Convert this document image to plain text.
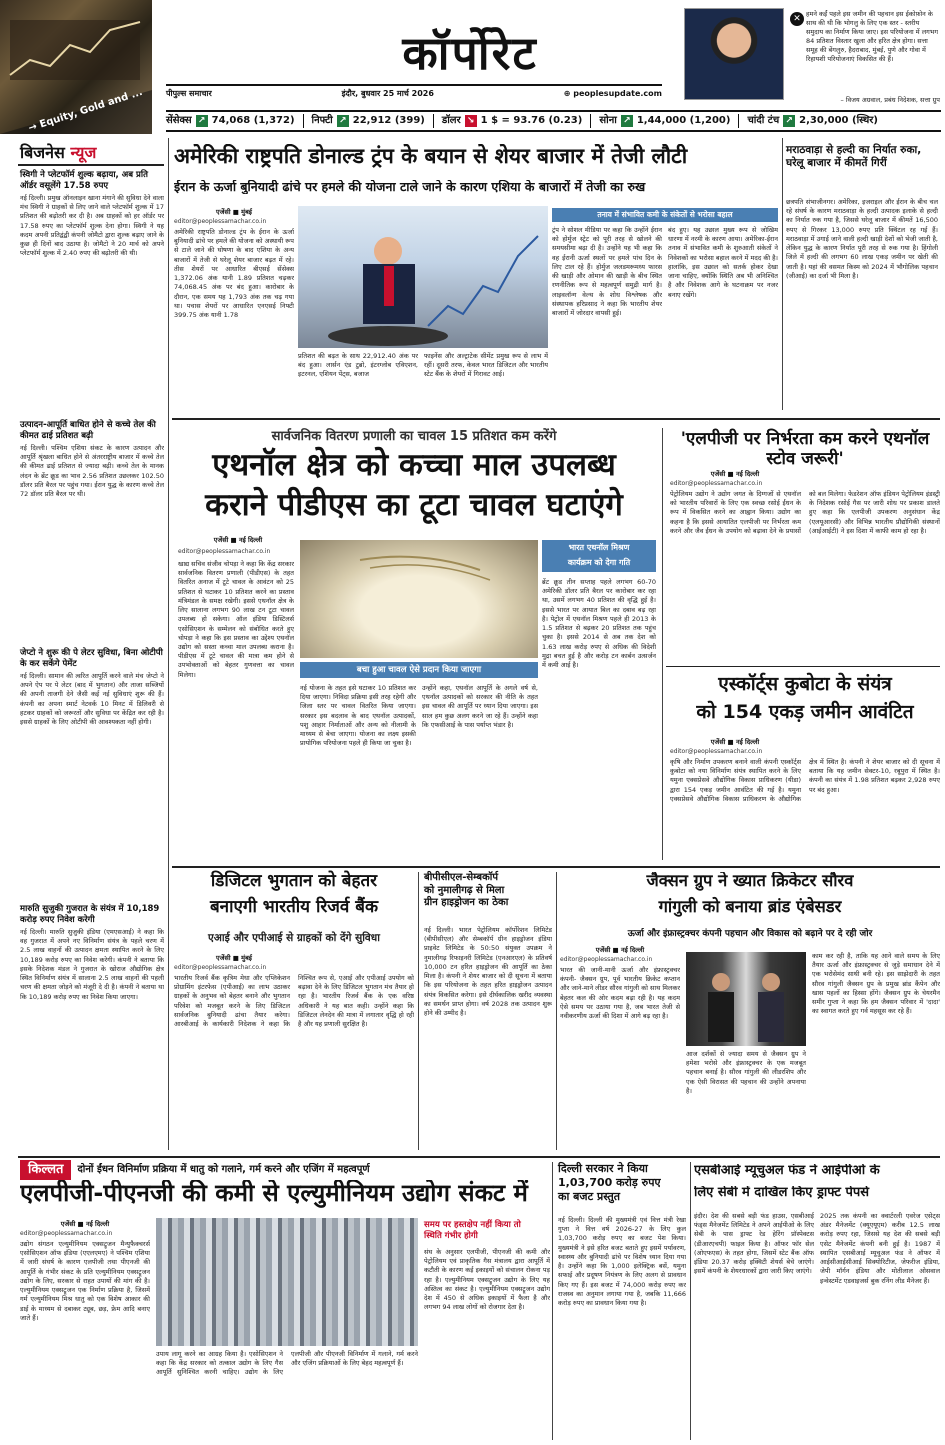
→ Equity, Gold and ...
कॉर्पोरेट
पीपुल्स समाचार	इंदौर, बुधवार 25 मार्च 2026	⊕ peoplesupdate.com
✕ हमने कर्ई पहले इस जमीन की पहचान इस ईकोफ़ोन के साथ की थी कि भोगलु के लिए एक स्तर - स्तरीय समुदाय का निर्माण किया जाए। इस परियोजना में लगभग 84 प्रतिशत विस्तार खुला और हरित क्षेत्र होगा। सत्ता समूह की बेंगलुरु, हैदराबाद, मुंबई, पुणे और गोवा में रिहायशी परियोजनाएं विकसित की हैं।
– विजय अग्रवाल, प्रबंध निदेशक, सत्ता ग्रुप
सेंसेक्स ↗ 74,068 (1,372) निफ्टी ↗ 22,912 (399) डॉलर ↘ 1 $ = 93.76 (0.23) सोना ↗ 1,44,000 (1,200) चांदी टंच ↗ 2,30,000 (स्थिर)
बिजनेस न्यूज
स्विगी ने प्लेटफॉर्म शुल्क बढ़ाया, अब प्रति ऑर्डर वसूलेंगे 17.58 रुपए
नई दिल्ली। प्रमुख ऑनलाइन खाना मंगाने की सुविधा देने वाला मंच स्विगी ने ग्राहकों से लिए जाने वाले प्लेटफॉर्म शुल्क में 17 प्रतिशत की बढ़ोतरी कर दी है। अब ग्राहकों को हर ऑर्डर पर 17.58 रुपए का प्लेटफॉर्म शुल्क देना होगा। स्विगी ने यह कदम अपनी प्रतिद्वंद्वी कंपनी जोमैटो द्वारा शुल्क बढ़ाए जाने के कुछ ही दिनों बाद उठाया है। जोमैटो ने 20 मार्च को अपने प्लेटफॉर्म शुल्क में 2.40 रुपए की बढ़ोतरी की थी।
उत्पादन-आपूर्ति बाधित होने से कच्चे तेल की कीमत ढाई प्रतिशत बढ़ी
नई दिल्ली। पश्चिम एशिया संकट के कारण उत्पादन और आपूर्ति श्रृंखला बाधित होने से अंतरराष्ट्रीय बाजार में कच्चे तेल की कीमत ढाई प्रतिशत से ज्यादा बढ़ी। कच्चे तेल के मानक लंदन के ब्रेंट क्रूड का भाव 2.56 प्रतिशत उछलकर 102.50 डॉलर प्रति बैरल पर पहुंच गया। ईरान युद्ध के कारण कच्चे तेल 72 डॉलर प्रति बैरल पर थी।
जेप्टो ने शुरू की पे लेटर सुविधा, बिना ओटीपी के कर सकेंगे पेमेंट
नई दिल्ली। सामान की त्वरित आपूर्ति करने वाले मंच जेप्टो ने अपने ऐप पर पे लेटर (बाद में भुगतान) और ताजा सब्जियों की अपनी ताजगी देने जैसी कई नई सुविधाएं शुरू की हैं। कंपनी का अपना स्मार्ट नेटवर्क 10 मिनट में डिलिवरी से हटकर ग्राहकों को जरूरतों और सुविधा पर केंद्रित कर रही है। इससे ग्राहकों के लिए ओटीपी की आवश्यकता नहीं होगी।
मारुति सुजुकी गुजरात के संयंत्र में 10,189 करोड़ रुपए निवेश करेगी
नई दिल्ली। मारुति सुजुकी इंडिया (एमएसआई) ने कहा कि वह गुजरात में अपने नए विनिर्माण संयंत्र के पहले चरण में 2.5 लाख वाहनों की उत्पादन क्षमता स्थापित करने के लिए 10,189 करोड़ रुपए का निवेश करेगी। कंपनी ने बताया कि इसके निदेशक मंडल ने गुजरात के खोराज औद्योगिक क्षेत्र स्थित विनिर्माण संयंत्र में सालाना 2.5 लाख वाहनों की पहली चरण की क्षमता जोड़ने को मंजूरी दे दी है। कंपनी ने बताया था कि 10,189 करोड़ रुपए का निवेश किया जाएगा।
अमेरिकी राष्ट्रपति डोनाल्ड ट्रंप के बयान से शेयर बाजार में तेजी लौटी
ईरान के ऊर्जा बुनियादी ढांचे पर हमले की योजना टाले जाने के कारण एशिया के बाजारों में तेजी का रुख
एजेंसी ■ मुंबई
editor@peoplessamachar.co.in
अमेरिकी राष्ट्रपति डोनाल्ड ट्रंप के ईरान के ऊर्जा बुनियादी ढांचे पर हमले की योजना को अस्थायी रूप से टाले जाने की घोषणा के बाद एशिया के अन्य बाजारों में तेजी से घरेलू शेयर बाजार बढ़त में रहे। तीस शेयरों पर आधारित बीएसई सेंसेक्स 1,372.06 अंक यानी 1.89 प्रतिशत चढ़कर 74,068.45 अंक पर बंद हुआ। कारोबार के दौरान, एक समय यह 1,793 अंक तक चढ़ गया था। पचास शेयरों पर आधारित एनएसई निफ्टी 399.75 अंक यानी 1.78
प्रतिशत की बढ़त के साथ 22,912.40 अंक पर बंद हुआ। लार्सन एंड टुब्रो, इंटरग्लोब एविएशन, इटरनल, एशियन पेंट्स, बजाज
फाइनेंस और अल्ट्राटेक सीमेंट प्रमुख रूप से लाभ में रहीं। दूसरी तरफ, केवल भारत डिजिटल और भारतीय स्टेट बैंक के शेयरों में गिरावट आई।
तनाव में संभावित कमी के संकेतों से भरोसा बहाल
ट्रंप ने सोशल मीडिया पर कहा कि उन्होंने ईरान को होर्मुज स्ट्रेट को पूरी तरह से खोलने की समयसीमा बढ़ा दी है। उन्होंने यह भी कहा कि वह ईरानी ऊर्जा स्थलों पर हमले पांच दिन के लिए टाल रहे हैं। होर्मुज जलडमरूमध्य फारस की खाड़ी और ओमान की खाड़ी के बीच स्थित रणनीतिक रूप से महत्वपूर्ण समुद्री मार्ग है। लाइवलॉन्ग वेल्थ के शोध विश्लेषक और संस्थापक हरिप्रसाद ने कहा कि भारतीय शेयर बाजारों में जोरदार वापसी हुई।
बंद हुए। यह उछाल मुख्य रूप से जोखिम धारणा में नरमी के कारण आया। अमेरिका-ईरान तनाव में संभावित कमी के शुरुआती संकेतों ने निवेशकों का भरोसा बहाल करने में मदद की है। हालांकि, इस उछाल को सतर्क होकर देखा जाना चाहिए, क्योंकि स्थिति अब भी अनिश्चित है और निवेशक आगे के घटनाक्रम पर नजर बनाए रखेंगे।
मराठवाड़ा से हल्दी का निर्यात रुका, घरेलू बाजार में कीमतें गिरीं
छत्रपति संभाजीनगर। अमेरिका, इजराइल और ईरान के बीच चल रहे संघर्ष के कारण मराठवाड़ा के हल्दी उत्पादक इलाके से हल्दी का निर्यात रुक गया है, जिससे घरेलू बाजार में कीमतें 16,500 रुपए से गिरकर 13,000 रुपए प्रति क्विंटल रह गई हैं। मराठवाड़ा में उगाई जाने वाली हल्दी खाड़ी देशों को भेजी जाती है, लेकिन युद्ध के कारण निर्यात पूरी तरह से रुक गया है। हिंगोली जिले में हल्दी की लगभग 60 लाख एकड़ जमीन पर खेती की जाती है। यहां की वसमत किस्म को 2024 में भौगोलिक पहचान (जीआई) का दर्जा भी मिला है।
सार्वजनिक वितरण प्रणाली का चावल 15 प्रतिशत कम करेंगे
एथनॉल क्षेत्र को कच्चा माल उपलब्ध
कराने पीडीएस का टूटा चावल घटाएंगे
एजेंसी ■ नई दिल्ली
editor@peoplessamachar.co.in
खाद्य सचिव संजीव चोपड़ा ने कहा कि केंद्र सरकार सार्वजनिक वितरण प्रणाली (पीडीएस) के तहत वितरित अनाज में टूटे चावल के आवंटन को 25 प्रतिशत से घटाकर 10 प्रतिशत करने का प्रस्ताव मंत्रिमंडल के समक्ष रखेगी। इससे एथनॉल क्षेत्र के लिए सालाना लगभग 90 लाख टन टूटा चावल उपलब्ध हो सकेगा। ऑल इंडिया डिस्टिलर्स एसोसिएशन के सम्मेलन को संबोधित करते हुए चोपड़ा ने कहा कि इस प्रस्ताव का उद्देश्य एथनॉल उद्योग को सस्ता कच्चा माल उपलब्ध कराना है। पीडीएस में टूटे चावल की मात्रा कम होने से उपभोक्ताओं को बेहतर गुणवत्ता का चावल मिलेगा।	बचा हुआ चावल ऐसे प्रदान किया जाएगा
नई योजना के तहत इसे घटाकर 10 प्रतिशत कर दिया जाएगा। निविदा प्रक्रिया इसी तरह रहेगी और जिला स्तर पर चावल वितरित किया जाएगा। सरकार इस बदलाव के बाद एथनॉल उत्पादकों, पशु आहार निर्माताओं और अन्य को नीलामी के माध्यम से बेचा जाएगा। योजना का लक्ष्य इसकी प्रायोगिक परियोजना पहले ही किया जा चुका है।
उन्होंने कहा, एथनॉल आपूर्ति के अगले वर्ष से, एथनॉल उत्पादकों को सरकार की नीति के तहत इस चावल की आपूर्ति पर ध्यान दिया जाएगा। इस साल हम कुछ अलग करने जा रहे हैं। उन्होंने कहा कि एफसीआई के पास पर्याप्त भंडार है।
भारत एथनॉल मिश्रण
कार्यक्रम को देगा गति
ब्रेंट क्रूड तीन सप्ताह पहले लगभग 60-70 अमेरिकी डॉलर प्रति बैरल पर कारोबार कर रहा था, उसमें लगभग 40 प्रतिशत की वृद्धि हुई है। इससे भारत पर आयात बिल का दबाव बढ़ रहा है। पेट्रोल में एथनॉल मिश्रण पहले ही 2013 के 1.5 प्रतिशत से बढ़कर 20 प्रतिशत तक पहुंच चुका है। इससे 2014 से अब तक देश को 1.63 लाख करोड़ रुपए से अधिक की विदेशी मुद्रा बचत हुई है और करोड़ टन कार्बन उत्सर्जन में कमी आई है।
'एलपीजी पर निर्भरता कम करने एथनॉल स्टोव जरूरी'
एजेंसी ■ नई दिल्ली
editor@peoplessamachar.co.in
पेट्रोलियम उद्योग ने उद्योग जगत के दिग्गजों से एथनॉल को भारतीय परिवारों के लिए एक स्वच्छ रसोई ईंधन के रूप में विकसित करने का आह्वान किया। उद्योग का कहना है कि इससे आयातित एलपीजी पर निर्भरता कम करने और जैव ईंधन के उपयोग को बढ़ावा देने के प्रयासों को बल मिलेगा। फेडरेशन ऑफ इंडियन पेट्रोलियम इंडस्ट्री के निदेशक रसोई गैस पर जारी शोध पर प्रकाश डालते हुए कहा कि एलपीजी उपकरण अनुसंधान केंद्र (एलयूआरसी) और विभिन्न भारतीय प्रौद्योगिकी संस्थानों (आईआईटी) ने इस दिशा में काफी काम हो रहा है।
एस्कॉर्ट्स कुबोटा के संयंत्र
को 154 एकड़ जमीन आवंटित
एजेंसी ■ नई दिल्ली
editor@peoplessamachar.co.in
कृषि और निर्माण उपकरण बनाने वाली कंपनी एस्कॉर्ट्स कुबोटा को नया विनिर्माण संयंत्र स्थापित करने के लिए यमुना एक्सप्रेसवे औद्योगिक विकास प्राधिकरण (यीडा) द्वारा 154 एकड़ जमीन आवंटित की गई है। यमुना एक्सप्रेसवे औद्योगिक विकास प्राधिकरण के औद्योगिक क्षेत्र में स्थित है। कंपनी ने शेयर बाजार को दी सूचना में बताया कि यह जमीन सेक्टर-10, रबूपुरा में स्थित है। कंपनी का संयंत्र में 1.98 प्रतिशत बढ़कर 2,928 रुपए पर बंद हुआ।
डिजिटल भुगतान को बेहतर
बनाएगी भारतीय रिजर्व बैंक
एआई और एपीआई से ग्राहकों को देंगे सुविधा
एजेंसी ■ मुंबई
editor@peoplessamachar.co.in
भारतीय रिजर्व बैंक कृत्रिम मेधा और एप्लिकेशन प्रोग्रामिंग इंटरफेस (एपीआई) का लाभ उठाकर ग्राहकों के अनुभव को बेहतर बनाने और भुगतान परिवेश को मजबूत करने के लिए डिजिटल सार्वजनिक बुनियादी ढांचा तैयार करेगा। आरबीआई के कार्यकारी निदेशक ने कहा कि निश्चित रूप से, एआई और एपीआई उपयोग को बढ़ावा देने के लिए डिजिटल भुगतान मंच तैयार हो रहा है। भारतीय रिजर्व बैंक के एक वरिष्ठ अधिकारी ने यह बात कही। उन्होंने कहा कि डिजिटल लेनदेन की मात्रा में लगातार वृद्धि हो रही है और यह प्रणाली सुरक्षित है।
बीपीसीएल-सेम्बकॉर्प
को नुमालीगढ़ से मिला
ग्रीन हाइड्रोजन का ठेका
नई दिल्ली। भारत पेट्रोलियम कॉर्पोरेशन लिमिटेड (बीपीसीएल) और सेम्बकॉर्प ग्रीन हाइड्रोजन इंडिया प्राइवेट लिमिटेड के 50:50 संयुक्त उपक्रम ने नुमालीगढ़ रिफाइनरी लिमिटेड (एनआरएल) के प्रतिवर्ष 10,000 टन हरित हाइड्रोजन की आपूर्ति का ठेका मिला है। कंपनी ने शेयर बाजार को दी सूचना में बताया कि इस परियोजना के तहत हरित हाइड्रोजन उत्पादन संयंत्र विकसित करेगा। इसे दीर्घकालिक खरीद व्यवस्था का समर्थन प्राप्त होगा। वर्ष 2028 तक उत्पादन शुरू होने की उम्मीद है।
जैक्सन ग्रुप ने ख्यात क्रिकेटर सौरव
गांगुली को बनाया ब्रांड एंबेसडर
ऊर्जा और इंफ्रास्ट्रक्चर कंपनी पहचान और विकास को बढ़ाने पर दे रही जोर
एजेंसी ■ नई दिल्ली
editor@peoplessamachar.co.in
भारत की जानी-मानी ऊर्जा और इंफ्रास्ट्रक्चर कंपनी- जैक्सन ग्रुप, पूर्व भारतीय क्रिकेट कप्तान और जाने-माने लीडर सौरव गांगुली को साथ मिलकर बेहतर कल की ओर कदम बढ़ा रही है। यह कदम ऐसे समय पर उठाया गया है, जब भारत तेजी से नवीकरणीय ऊर्जा की दिशा में आगे बढ़ रहा है।
आज दर्शकों से ज्यादा समय से जैक्सन ग्रुप ने हमेशा भरोसे और इंफ्रास्ट्रक्चर के एक मजबूत पहचान बनाई है। सौरव गांगुली की लीडरशिप और एक ऐसी विरासत की पहचान की उन्होंने अपनाया है।
काम कर रही है, ताकि यह आने वाले समय के लिए तैयार ऊर्जा और इंफ्रास्ट्रक्चर से जुड़े समाधान देने में एक भरोसेमंद साथी बनी रहे। इस साझेदारी के तहत सौरव गांगुली जैक्सन ग्रुप के प्रमुख ब्रांड कैंपेन और खास पहलों का हिस्सा होंगे। जैक्सन ग्रुप के चेयरमैन समीर गुप्ता ने कहा कि हम जैक्सन परिवार में 'दादा' का स्वागत करते हुए गर्व महसूस कर रहे हैं।
किल्लत	दोनों ईंधन विनिर्माण प्रक्रिया में धातु को गलाने, गर्म करने और एजिंग में महत्वपूर्ण
एलपीजी-पीएनजी की कमी से एल्युमीनियम उद्योग संकट में
एजेंसी ■ नई दिल्ली
editor@peoplessamachar.co.in
उद्योग संगठन एल्युमीनियम एक्सट्रूजन मैन्युफैक्चरर्स एसोसिएशन ऑफ इंडिया (एएलएमए) ने पश्चिम एशिया में जारी संघर्ष के कारण एलपीजी तथा पीएनजी की आपूर्ति के गंभीर संकट के प्रति एल्युमीनियम एक्सट्रूजन उद्योग के लिए, सरकार से राहत उपायों की मांग की है। एल्युमीनियम एक्सट्रूजन एक निर्माण प्रक्रिया है, जिसमें गर्म एल्युमीनियम मिश्र धातु को एक विशेष आकार की डाई के माध्यम से दबाकर ट्यूब, छड़, फ्रेम आदि बनाए जाते हैं।
उपाय लागू करने का आग्रह किया है। एसोसिएशन ने कहा कि केंद्र सरकार को तत्काल उद्योग के लिए गैस आपूर्ति सुनिश्चित करनी चाहिए। उद्योग के लिए एलपीजी और पीएनजी विनिर्माण में गलाने, गर्म करने और एजिंग प्रक्रियाओं के लिए बेहद महत्वपूर्ण हैं।
समय पर हस्तक्षेप नहीं किया तो
स्थिति गंभीर होगी
संघ के अनुसार एलपीजी, पीएनजी की कमी और पेट्रोलियम एवं प्राकृतिक गैस मंत्रालय द्वारा आपूर्ति में कटौती के कारण कई इकाइयों को संचालन रोकना पड़ रहा है। एल्युमीनियम एक्सट्रूजन उद्योग के लिए यह अस्तित्व का संकट है। एल्युमीनियम एक्सट्रूजन उद्योग देश में 450 से अधिक इकाइयों में फैला है और लगभग 94 लाख लोगों को रोजगार देता है।
दिल्ली सरकार ने किया
1,03,700 करोड़ रुपए
का बजट प्रस्तुत
नई दिल्ली। दिल्ली की मुख्यमंत्री एवं वित्त मंत्री रेखा गुप्ता ने वित्त वर्ष 2026-27 के लिए कुल 1,03,700 करोड़ रुपए का बजट पेश किया। मुख्यमंत्री ने इसे हरित बजट बताते हुए इसमें पर्यावरण, स्वास्थ्य और बुनियादी ढांचे पर विशेष ध्यान दिया गया है। उन्होंने कहा कि 1,000 इलेक्ट्रिक बसें, यमुना सफाई और प्रदूषण नियंत्रण के लिए अलग से प्रावधान किए गए हैं। इस बजट में 74,000 करोड़ रुपए कर राजस्व का अनुमान लगाया गया है, जबकि 11,666 करोड़ रुपए का प्रावधान किया गया है।
एसबीआई म्यूचुअल फंड ने आईपीओ के
लिए सेबी में दाखिल किए ड्राफ्ट पेपर्स
इंदौर। देश की सबसे बड़ी फंड हाउस, एसबीआई फंड्स मैनेजमेंट लिमिटेड ने अपने आईपीओ के लिए सेबी के पास ड्राफ्ट रेड हेरिंग प्रॉस्पेक्टस (डीआरएचपी) फाइल किया है। ऑफर फॉर सेल (ओएफएस) के तहत होगा, जिसमें स्टेट बैंक ऑफ इंडिया 20.37 करोड़ इक्विटी शेयर्स बेचे जाएंगे। इसमें कंपनी के शेयरधारकों द्वारा जारी किए जाएंगे।
2025 तक कंपनी का क्वार्टरली एवरेज एसेट्स अंडर मैनेजमेंट (क्यूएयूएम) करीब 12.5 लाख करोड़ रुपए रहा, जिससे यह देश की सबसे बड़ी एसेट मैनेजमेंट कंपनी बनी हुई है। 1987 में स्थापित एसबीआई म्यूचुअल फंड ने ऑफर में आईसीआईसीआई सिक्योरिटीज, जेफरीज इंडिया, जेपी मॉर्गन इंडिया और मोतीलाल ओसवाल इन्वेस्टमेंट एडवाइजर्स बुक रनिंग लीड मैनेजर हैं।
